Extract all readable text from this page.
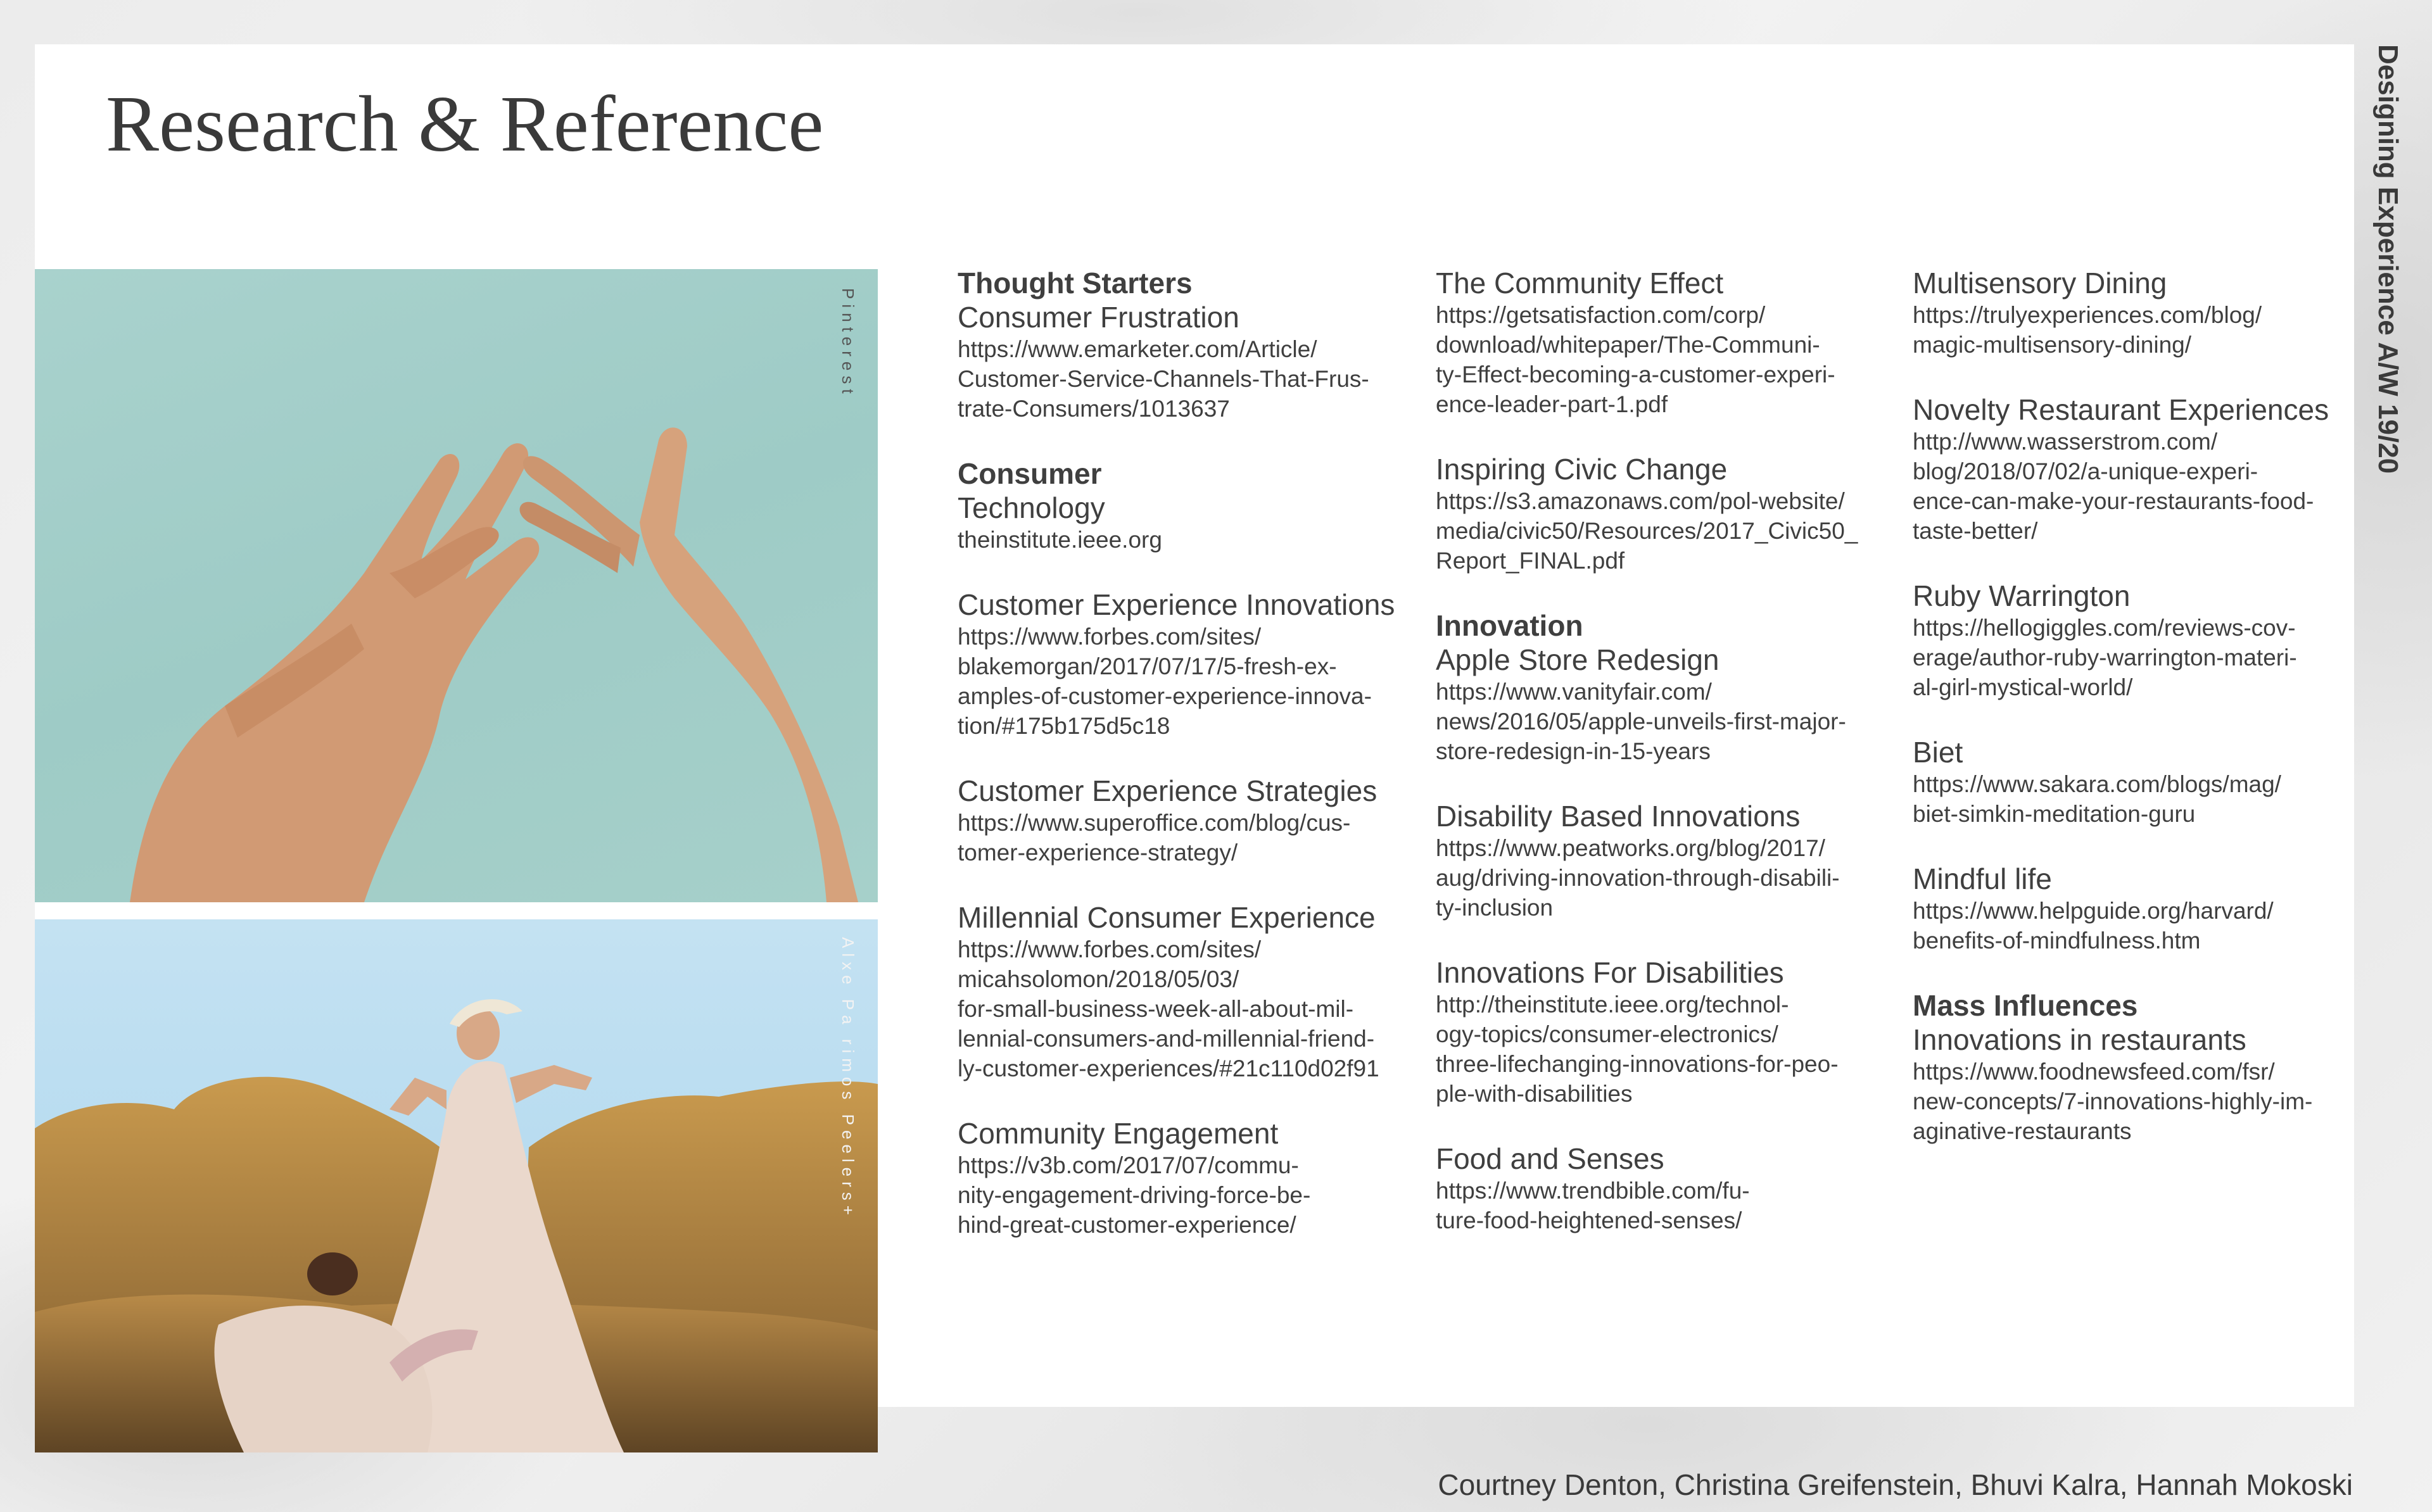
Research & Reference
Pinterest
Alxe Pa rimos Peelers+
Thought Starters
Consumer Frustration
https://www.emarketer.com/Article/
Customer-Service-Channels-That-Frus-
trate-Consumers/1013637
Consumer
Technology
theinstitute.ieee.org
Customer Experience Innovations
https://www.forbes.com/sites/
blakemorgan/2017/07/17/5-fresh-ex-
amples-of-customer-experience-innova-
tion/#175b175d5c18
Customer Experience Strategies
https://www.superoffice.com/blog/cus-
tomer-experience-strategy/
Millennial Consumer Experience
https://www.forbes.com/sites/
micahsolomon/2018/05/03/
for-small-business-week-all-about-mil-
lennial-consumers-and-millennial-friend-
ly-customer-experiences/#21c110d02f91
Community Engagement
https://v3b.com/2017/07/commu-
nity-engagement-driving-force-be-
hind-great-customer-experience/
The Community Effect
https://getsatisfaction.com/corp/
download/whitepaper/The-Communi-
ty-Effect-becoming-a-customer-experi-
ence-leader-part-1.pdf
Inspiring Civic Change
https://s3.amazonaws.com/pol-website/
media/civic50/Resources/2017_Civic50_
Report_FINAL.pdf
Innovation
Apple Store Redesign
https://www.vanityfair.com/
news/2016/05/apple-unveils-first-major-
store-redesign-in-15-years
Disability Based Innovations
https://www.peatworks.org/blog/2017/
aug/driving-innovation-through-disabili-
ty-inclusion
Innovations For Disabilities
http://theinstitute.ieee.org/technol-
ogy-topics/consumer-electronics/
three-lifechanging-innovations-for-peo-
ple-with-disabilities
Food and Senses
https://www.trendbible.com/fu-
ture-food-heightened-senses/
Multisensory Dining
https://trulyexperiences.com/blog/
magic-multisensory-dining/
Novelty Restaurant Experiences
http://www.wasserstrom.com/
blog/2018/07/02/a-unique-experi-
ence-can-make-your-restaurants-food-
taste-better/
Ruby Warrington
https://hellogiggles.com/reviews-cov-
erage/author-ruby-warrington-materi-
al-girl-mystical-world/
Biet
https://www.sakara.com/blogs/mag/
biet-simkin-meditation-guru
Mindful life
https://www.helpguide.org/harvard/
benefits-of-mindfulness.htm
Mass Influences
Innovations in restaurants
https://www.foodnewsfeed.com/fsr/
new-concepts/7-innovations-highly-im-
aginative-restaurants
Designing Experience A/W 19/20
Courtney Denton, Christina Greifenstein, Bhuvi Kalra, Hannah Mokoski
